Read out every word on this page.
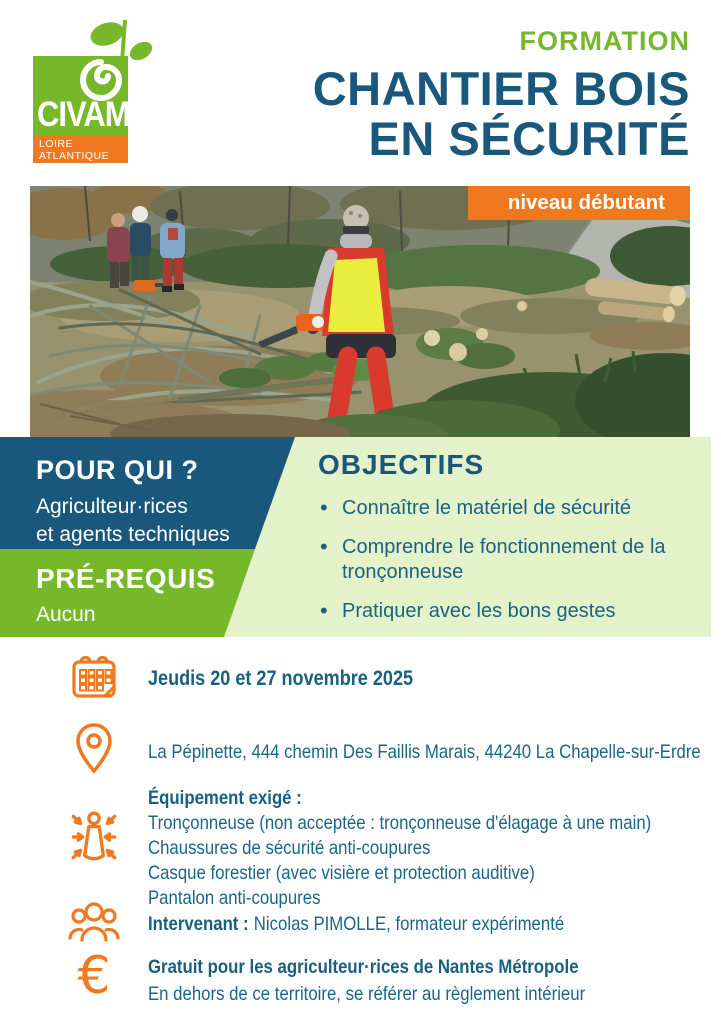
CIVAM
LOIRE
ATLANTIQUE
FORMATION
CHANTIER BOIS
EN SÉCURITÉ
niveau débutant
POUR QUI ?
Agriculteur·rices
et agents techniques
PRÉ-REQUIS
Aucun
OBJECTIFS
• Connaître le matériel de sécurité
• Comprendre le fonctionnement de la tronçonneuse
• Pratiquer avec les bons gestes
Jeudis 20 et 27 novembre 2025
La Pépinette, 444 chemin Des Faillis Marais, 44240 La Chapelle-sur-Erdre
Équipement exigé :
Tronçonneuse (non acceptée : tronçonneuse d'élagage à une main)
Chaussures de sécurité anti-coupures
Casque forestier (avec visière et protection auditive)
Pantalon anti-coupures
Intervenant : Nicolas PIMOLLE, formateur expérimenté
€ Gratuit pour les agriculteur·rices de Nantes Métropole
En dehors de ce territoire, se référer au règlement intérieur
